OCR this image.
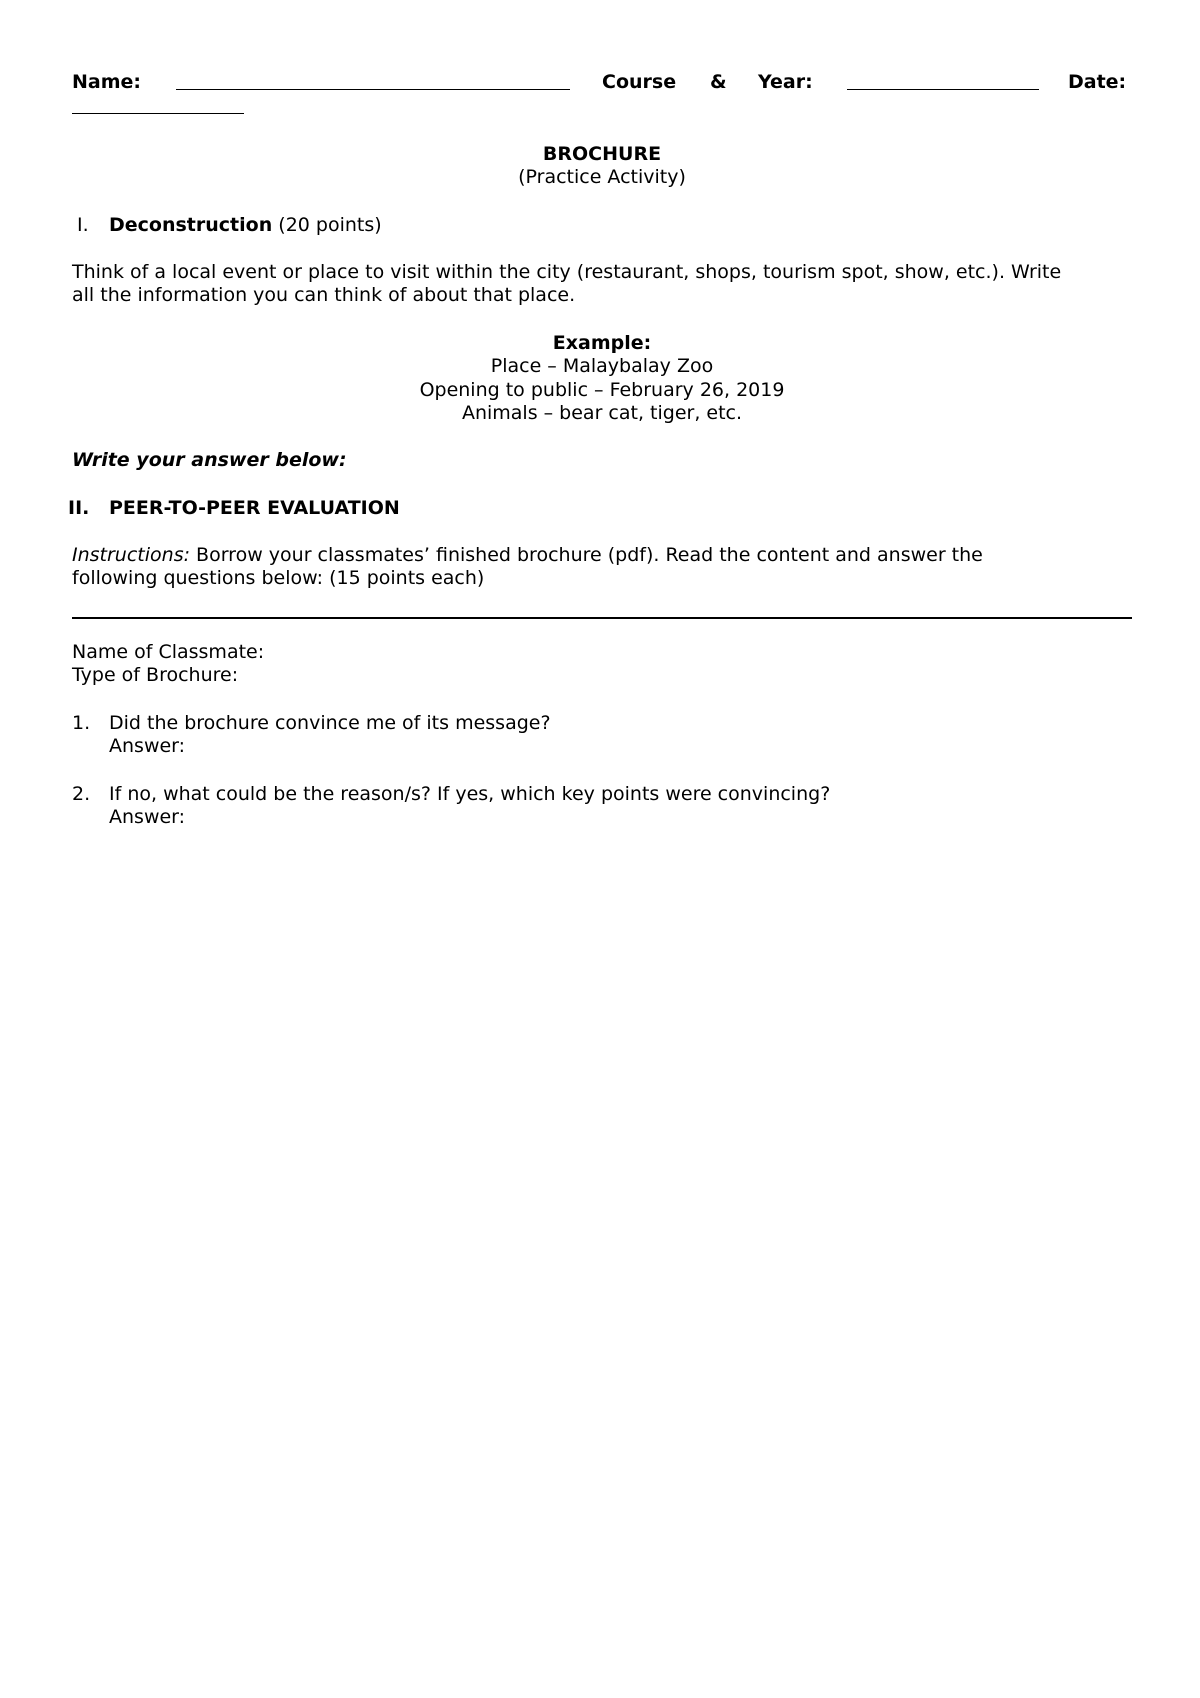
Name:	Course & Year:	Date:
BROCHURE
(Practice Activity)
I. Deconstruction (20 points)
Think of a local event or place to visit within the city (restaurant, shops, tourism spot, show, etc.). Write
all the information you can think of about that place.
Example:
Place – Malaybalay Zoo
Opening to public – February 26, 2019
Animals – bear cat, tiger, etc.
Write your answer below:
II. PEER-TO-PEER EVALUATION
Instructions: Borrow your classmates’ finished brochure (pdf). Read the content and answer the
following questions below: (15 points each)
Name of Classmate:
Type of Brochure:
1. Did the brochure convince me of its message?
Answer:
2. If no, what could be the reason/s? If yes, which key points were convincing?
Answer:
